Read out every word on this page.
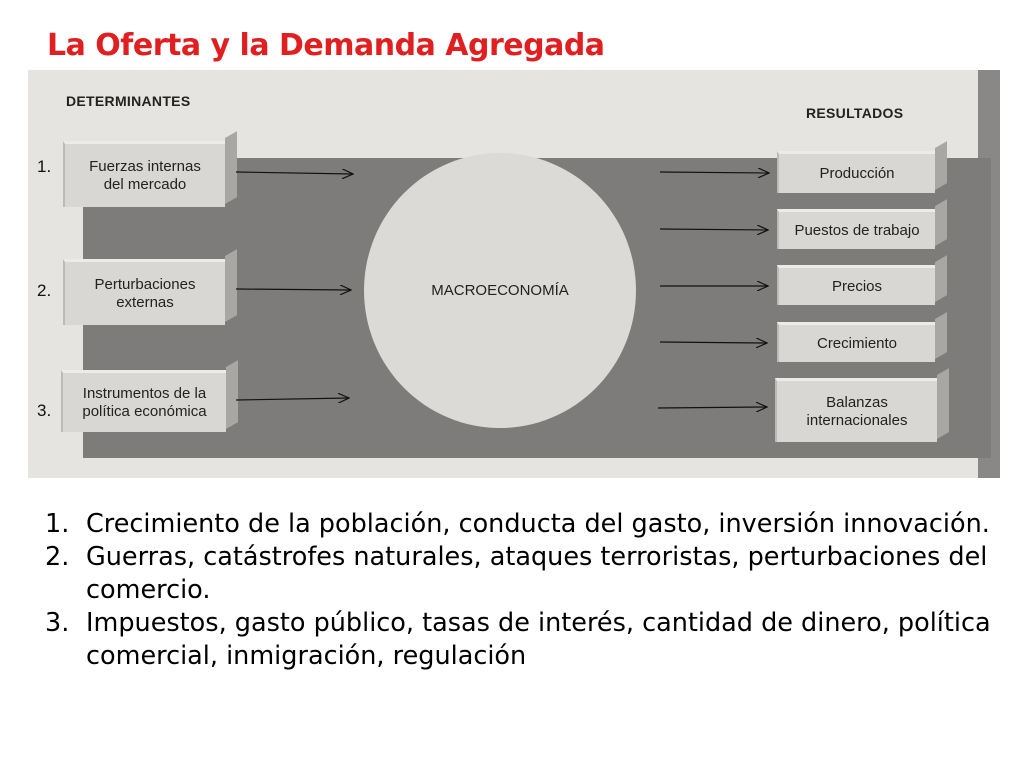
La Oferta y la Demanda Agregada
DETERMINANTES
RESULTADOS
1.
2.
3.
Fuerzas internas del mercado
Perturbaciones externas
Instrumentos de la política económica
MACROECONOMÍA
Producción
Puestos de trabajo
Precios
Crecimiento
Balanzas internacionales
1. Crecimiento de la población, conducta del gasto, inversión innovación.
2. Guerras, catástrofes naturales, ataques terroristas, perturbaciones del comercio.
3. Impuestos, gasto público, tasas de interés, cantidad de dinero, política comercial, inmigración, regulación
